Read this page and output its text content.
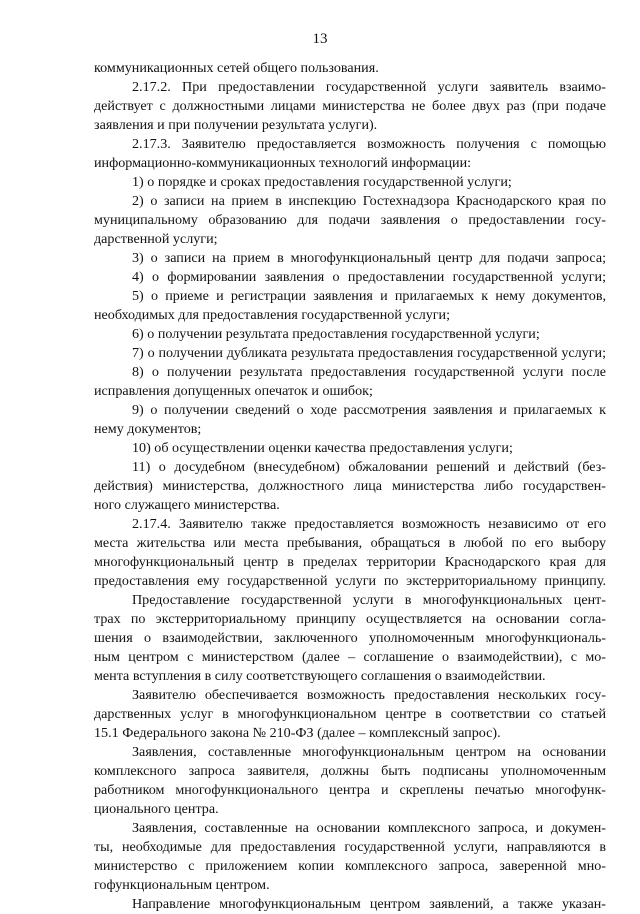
13
коммуникационных сетей общего пользования.
2.17.2. При предоставлении государственной услуги заявитель взаимо-
действует с должностными лицами министерства не более двух раз (при подаче
заявления и при получении результата услуги).
2.17.3. Заявителю предоставляется возможность получения с помощью
информационно-коммуникационных технологий информации:
1) о порядке и сроках предоставления государственной услуги;
2) о записи на прием в инспекцию Гостехнадзора Краснодарского края по
муниципальному образованию для подачи заявления о предоставлении госу-
дарственной услуги;
3) о записи на прием в многофункциональный центр для подачи запроса;
4) о формировании заявления о предоставлении государственной услуги;
5) о приеме и регистрации заявления и прилагаемых к нему документов,
необходимых для предоставления государственной услуги;
6) о получении результата предоставления государственной услуги;
7) о получении дубликата результата предоставления государственной услуги;
8) о получении результата предоставления государственной услуги после
исправления допущенных опечаток и ошибок;
9) о получении сведений о ходе рассмотрения заявления и прилагаемых к
нему документов;
10) об осуществлении оценки качества предоставления услуги;
11) о досудебном (внесудебном) обжаловании решений и действий (без-
действия) министерства, должностного лица министерства либо государствен-
ного служащего министерства.
2.17.4. Заявителю также предоставляется возможность независимо от его
места жительства или места пребывания, обращаться в любой по его выбору
многофункциональный центр в пределах территории Краснодарского края для
предоставления ему государственной услуги по экстерриториальному принципу.
Предоставление государственной услуги в многофункциональных цент-
трах по экстерриториальному принципу осуществляется на основании согла-
шения о взаимодействии, заключенного уполномоченным многофункциональ-
ным центром с министерством (далее – соглашение о взаимодействии), с мо-
мента вступления в силу соответствующего соглашения о взаимодействии.
Заявителю обеспечивается возможность предоставления нескольких госу-
дарственных услуг в многофункциональном центре в соответствии со статьей
15.1 Федерального закона № 210-ФЗ (далее – комплексный запрос).
Заявления, составленные многофункциональным центром на основании
комплексного запроса заявителя, должны быть подписаны уполномоченным
работником многофункционального центра и скреплены печатью многофунк-
ционального центра.
Заявления, составленные на основании комплексного запроса, и докумен-
ты, необходимые для предоставления государственной услуги, направляются в
министерство с приложением копии комплексного запроса, заверенной мно-
гофункциональным центром.
Направление многофункциональным центром заявлений, а также указан-
